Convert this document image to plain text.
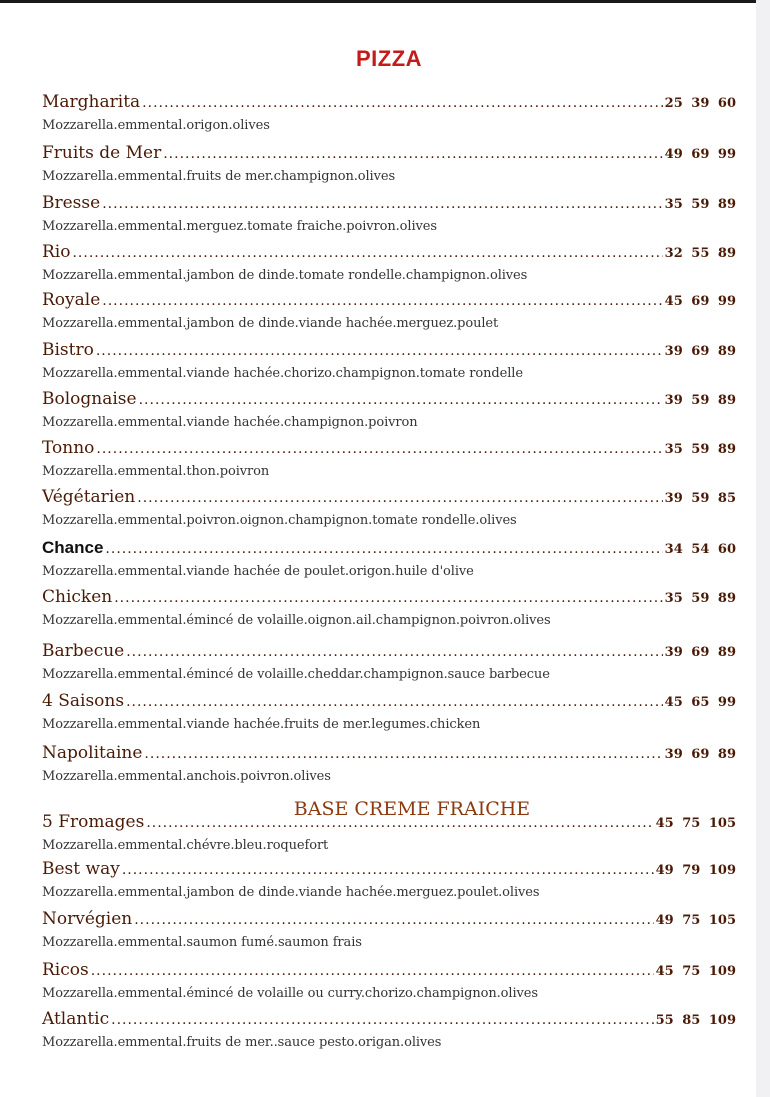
PIZZA
Margharita .....	25 39 60
Mozzarella.emmental.origon.olives
Fruits de Mer .....	49 69 99
Mozzarella.emmental.fruits de mer.champignon.olives
Bresse .....	35 59 89
Mozzarella.emmental.merguez.tomate fraiche.poivron.olives
Rio .....	32 55 89
Mozzarella.emmental.jambon de dinde.tomate rondelle.champignon.olives
Royale .....	45 69 99
Mozzarella.emmental.jambon de dinde.viande hachée.merguez.poulet
Bistro .....	39 69 89
Mozzarella.emmental.viande hachée.chorizo.champignon.tomate rondelle
Bolognaise .....	39 59 89
Mozzarella.emmental.viande hachée.champignon.poivron
Tonno .....	35 59 89
Mozzarella.emmental.thon.poivron
Végétarien .....	39 59 85
Mozzarella.emmental.poivron.oignon.champignon.tomate rondelle.olives
Chance .....	34 54 60
Mozzarella.emmental.viande hachée de poulet.origon.huile d'olive
Chicken .....	35 59 89
Mozzarella.emmental.émincé de volaille.oignon.ail.champignon.poivron.olives
Barbecue .....	39 69 89
Mozzarella.emmental.émincé de volaille.cheddar.champignon.sauce barbecue
4 Saisons .....	45 65 99
Mozzarella.emmental.viande hachée.fruits de mer.legumes.chicken
Napolitaine .....	39 69 89
Mozzarella.emmental.anchois.poivron.olives
BASE CREME FRAICHE
5 Fromages .....	45 75 105
Mozzarella.emmental.chévre.bleu.roquefort
Best way .....	49 79 109
Mozzarella.emmental.jambon de dinde.viande hachée.merguez.poulet.olives
Norvégien .....	49 75 105
Mozzarella.emmental.saumon fumé.saumon frais
Ricos .....	45 75 109
Mozzarella.emmental.émincé de volaille ou curry.chorizo.champignon.olives
Atlantic .....	55 85 109
Mozzarella.emmental.fruits de mer..sauce pesto.origan.olives
